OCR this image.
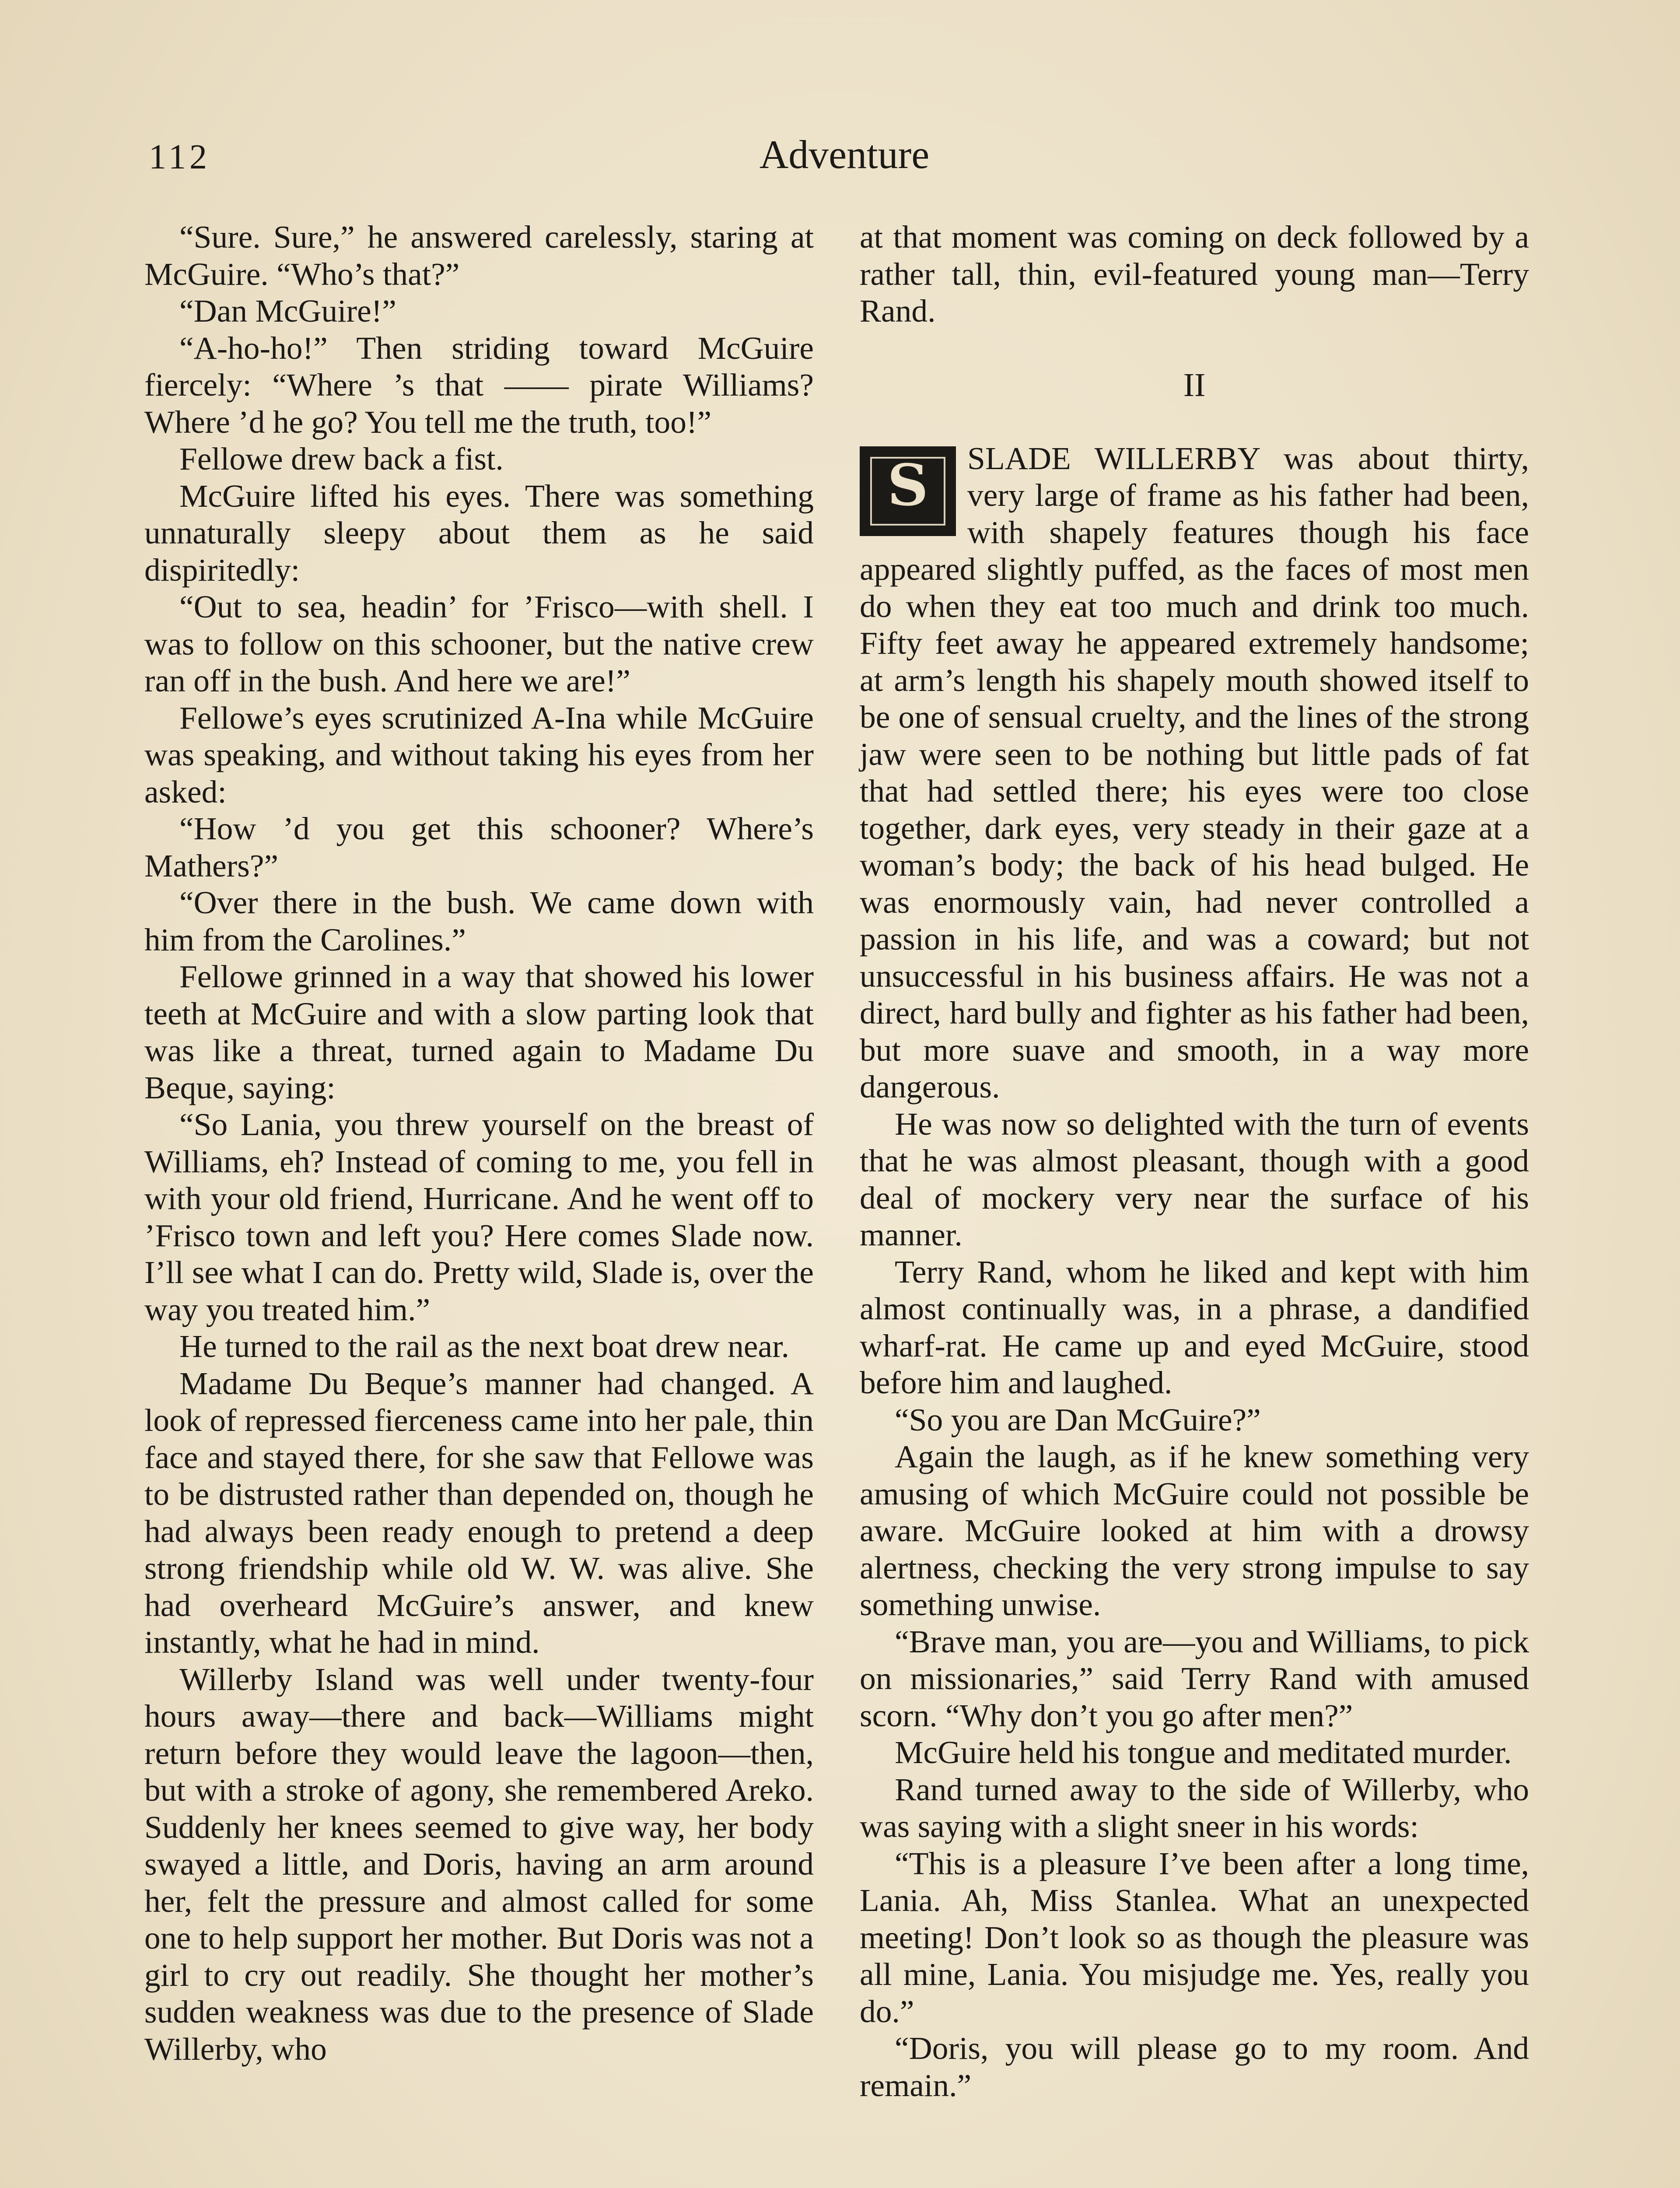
112	Adventure

“Sure. Sure,” he answered carelessly, staring at McGuire. “Who’s that?”

“Dan McGuire!”

“A-ho-ho!” Then striding toward McGuire fiercely: “Where ’s that —— pirate Williams? Where ’d he go? You tell me the truth, too!”

Fellowe drew back a fist.

McGuire lifted his eyes. There was something unnaturally sleepy about them as he said dispiritedly:

“Out to sea, headin’ for ’Frisco—with shell. I was to follow on this schooner, but the native crew ran off in the bush. And here we are!”

Fellowe’s eyes scrutinized A-Ina while McGuire was speaking, and without taking his eyes from her asked:

“How ’d you get this schooner? Where’s Mathers?”

“Over there in the bush. We came down with him from the Carolines.”

Fellowe grinned in a way that showed his lower teeth at McGuire and with a slow parting look that was like a threat, turned again to Madame Du Beque, saying:

“So Lania, you threw yourself on the breast of Williams, eh? Instead of coming to me, you fell in with your old friend, Hurricane. And he went off to ’Frisco town and left you? Here comes Slade now. I’ll see what I can do. Pretty wild, Slade is, over the way you treated him.”

He turned to the rail as the next boat drew near.

Madame Du Beque’s manner had changed. A look of repressed fierceness came into her pale, thin face and stayed there, for she saw that Fellowe was to be distrusted rather than depended on, though he had always been ready enough to pretend a deep strong friendship while old W. W. was alive. She had overheard McGuire’s answer, and knew instantly, what he had in mind.

Willerby Island was well under twenty-four hours away—there and back—Williams might return before they would leave the lagoon—then, but with a stroke of agony, she remembered Areko. Suddenly her knees seemed to give way, her body swayed a little, and Doris, having an arm around her, felt the pressure and almost called for some one to help support her mother. But Doris was not a girl to cry out readily. She thought her mother’s sudden weakness was due to the presence of Slade Willerby, who

at that moment was coming on deck followed by a rather tall, thin, evil-featured young man—Terry Rand.

II

S	SLADE WILLERBY was about thirty, very large of frame as his father had been, with shapely features though his face appeared slightly puffed, as the faces of most men do when they eat too much and drink too much. Fifty feet away he appeared extremely handsome; at arm’s length his shapely mouth showed itself to be one of sensual cruelty, and the lines of the strong jaw were seen to be nothing but little pads of fat that had settled there; his eyes were too close together, dark eyes, very steady in their gaze at a woman’s body; the back of his head bulged. He was enormously vain, had never controlled a passion in his life, and was a coward; but not unsuccessful in his business affairs. He was not a direct, hard bully and fighter as his father had been, but more suave and smooth, in a way more dangerous.

He was now so delighted with the turn of events that he was almost pleasant, though with a good deal of mockery very near the surface of his manner.

Terry Rand, whom he liked and kept with him almost continually was, in a phrase, a dandified wharf-rat. He came up and eyed McGuire, stood before him and laughed.

“So you are Dan McGuire?”

Again the laugh, as if he knew something very amusing of which McGuire could not possible be aware. McGuire looked at him with a drowsy alertness, checking the very strong impulse to say something unwise.

“Brave man, you are—you and Williams, to pick on missionaries,” said Terry Rand with amused scorn. “Why don’t you go after men?”

McGuire held his tongue and meditated murder.

Rand turned away to the side of Willerby, who was saying with a slight sneer in his words:

“This is a pleasure I’ve been after a long time, Lania. Ah, Miss Stanlea. What an unexpected meeting! Don’t look so as though the pleasure was all mine, Lania. You misjudge me. Yes, really you do.”

“Doris, you will please go to my room. And remain.”
